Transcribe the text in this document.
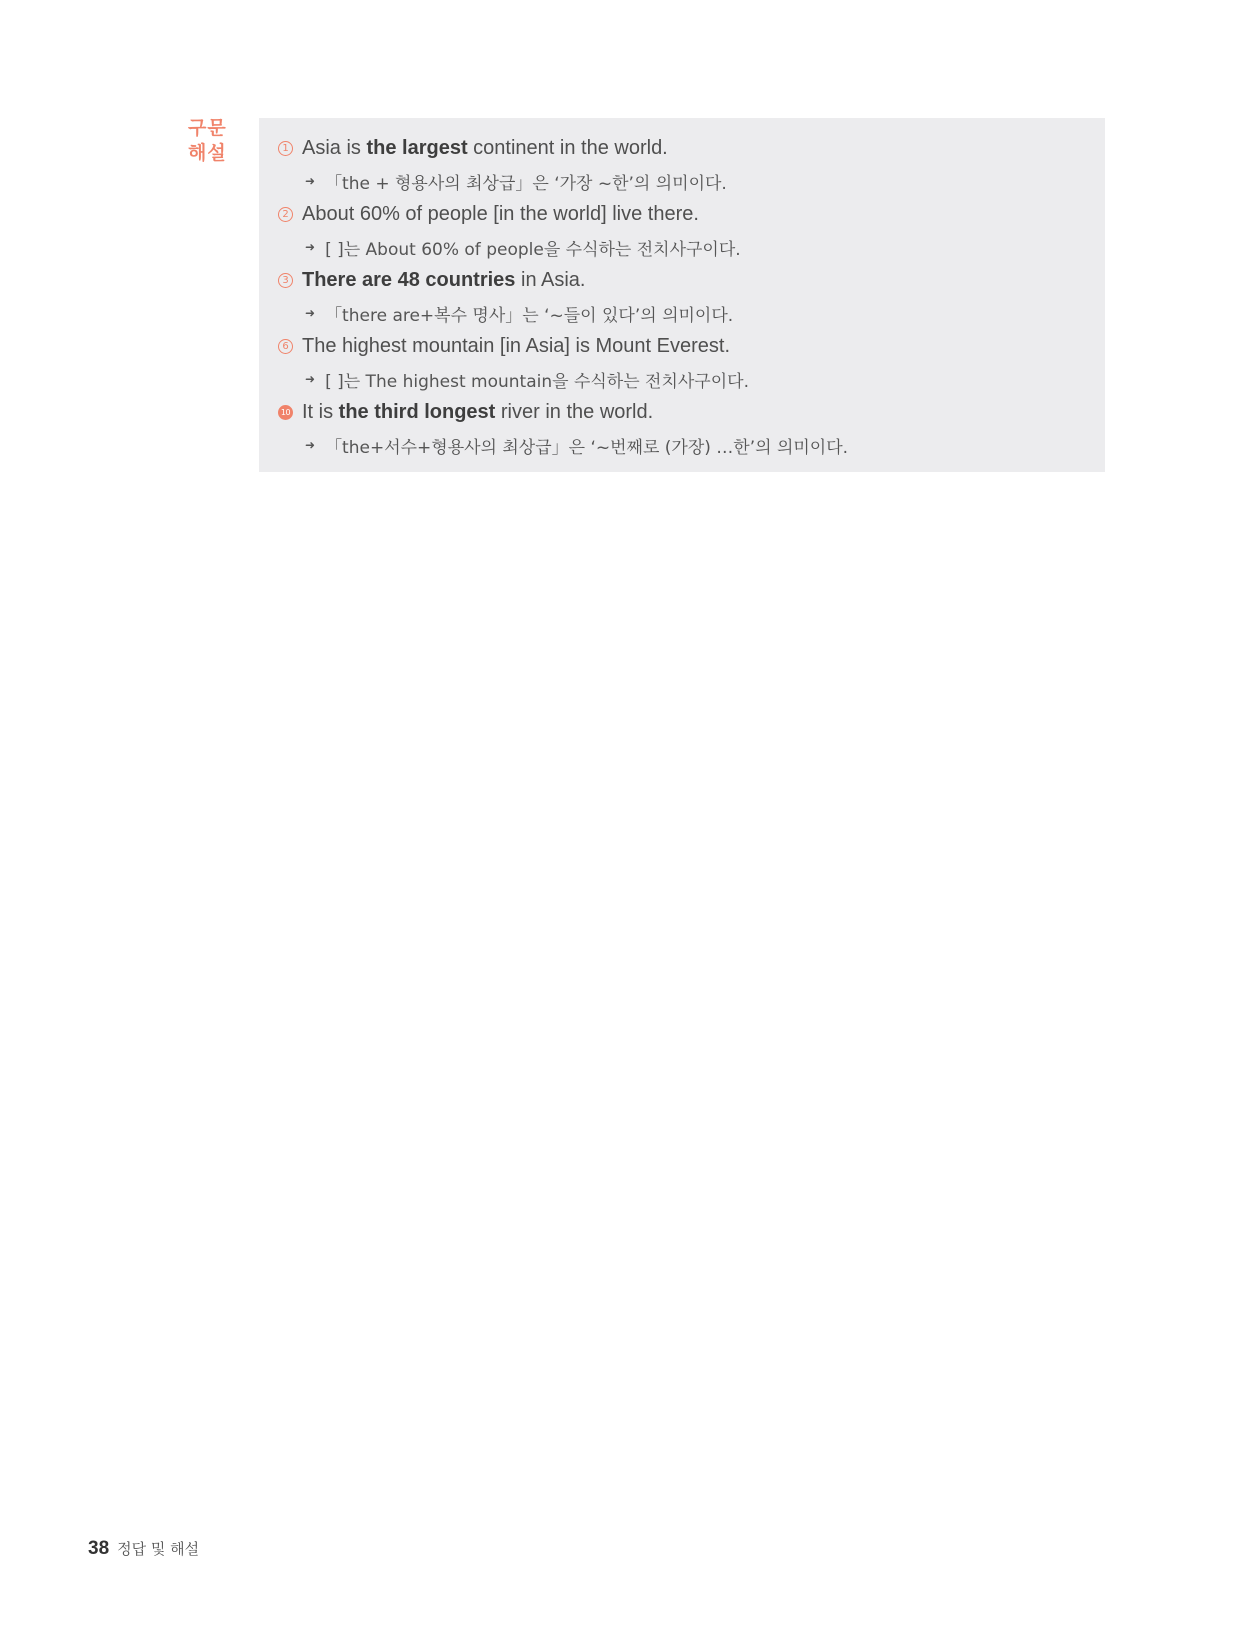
구문
해설	1 Asia is the largest continent in the world.
➜ 「the + 형용사의 최상급」은 ‘가장 ~한’의 의미이다.
2 About 60% of people [in the world] live there.
➜ [ ]는 About 60% of people을 수식하는 전치사구이다.
3 There are 48 countries in Asia.
➜ 「there are+복수 명사」는 ‘~들이 있다’의 의미이다.
6 The highest mountain [in Asia] is Mount Everest.
➜ [ ]는 The highest mountain을 수식하는 전치사구이다.
10 It is the third longest river in the world.
➜ 「the+서수+형용사의 최상급」은 ‘~번째로 (가장) …한’의 의미이다.
38 정답 및 해설
